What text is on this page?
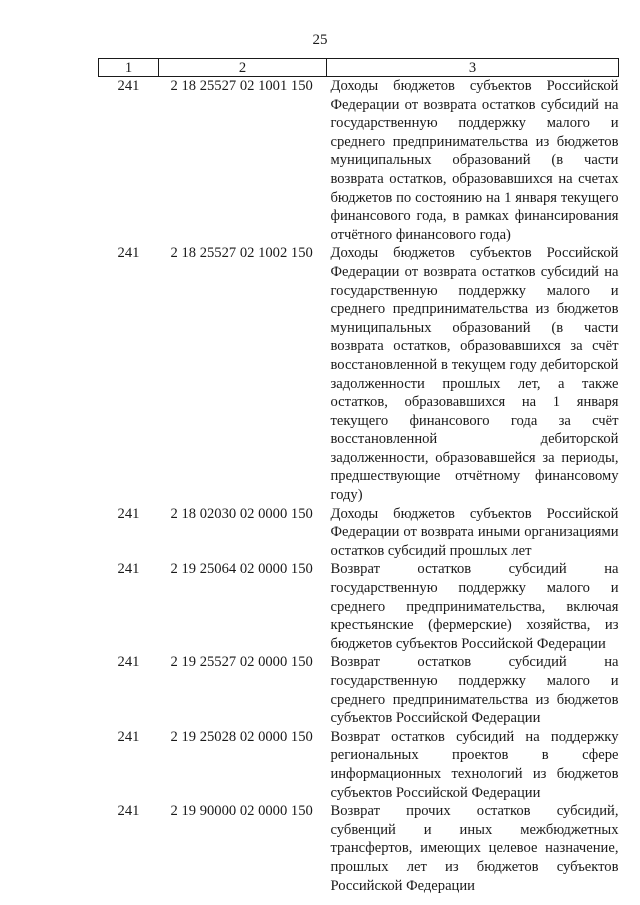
25
1	2	3
241	2 18 25527 02 1001 150	Доходы бюджетов субъектов Российской Федерации от возврата остатков субсидий на государственную поддержку малого и среднего предпринимательства из бюджетов муниципальных образований (в части возврата остатков, образовавшихся на счетах бюджетов по состоянию на 1 января текущего финансового года, в рамках финансирования отчётного финансового года)
241	2 18 25527 02 1002 150	Доходы бюджетов субъектов Российской Федерации от возврата остатков субсидий на государственную поддержку малого и среднего предпринимательства из бюджетов муниципальных образований (в части возврата остатков, образовавшихся за счёт восстановленной в текущем году дебиторской задолженности прошлых лет, а также остатков, образовавшихся на 1 января текущего финансового года за счёт восстановленной дебиторской задолженности, образовавшейся за периоды, предшествующие отчётному финансовому году)
241	2 18 02030 02 0000 150	Доходы бюджетов субъектов Российской Федерации от возврата иными организациями остатков субсидий прошлых лет
241	2 19 25064 02 0000 150	Возврат остатков субсидий на государственную поддержку малого и среднего предпринимательства, включая крестьянские (фермерские) хозяйства, из бюджетов субъектов Российской Федерации
241	2 19 25527 02 0000 150	Возврат остатков субсидий на государственную поддержку малого и среднего предпринимательства из бюджетов субъектов Российской Федерации
241	2 19 25028 02 0000 150	Возврат остатков субсидий на поддержку региональных проектов в сфере информационных технологий из бюджетов субъектов Российской Федерации
241	2 19 90000 02 0000 150	Возврат прочих остатков субсидий, субвенций и иных межбюджетных трансфертов, имеющих целевое назначение, прошлых лет из бюджетов субъектов Российской Федерации
